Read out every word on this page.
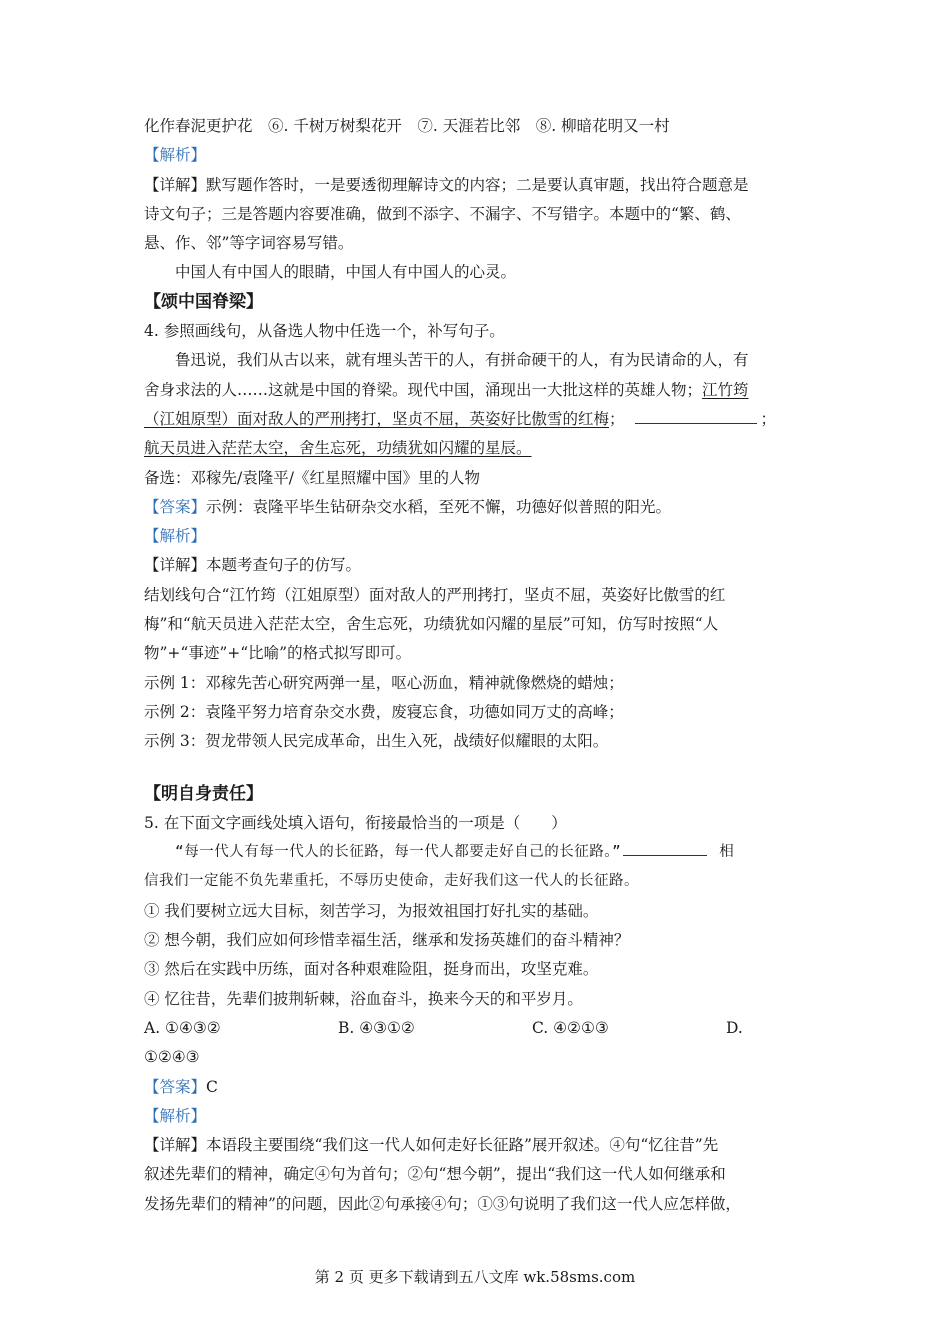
化作春泥更护花　⑥. 千树万树梨花开　⑦. 天涯若比邻　⑧. 柳暗花明又一村
【解析】
【详解】默写题作答时，一是要透彻理解诗文的内容；二是要认真审题，找出符合题意是
诗文句子；三是答题内容要准确，做到不添字、不漏字、不写错字。本题中的“繁、鹤、
悬、作、邻”等字词容易写错。
中国人有中国人的眼睛，中国人有中国人的心灵。
【颂中国脊梁】
4. 参照画线句，从备选人物中任选一个，补写句子。
鲁迅说，我们从古以来，就有埋头苦干的人，有拼命硬干的人，有为民请命的人，有
舍身求法的人……这就是中国的脊梁。现代中国，涌现出一大批这样的英雄人物；江竹筠
（江姐原型）面对敌人的严刑拷打，坚贞不屈，英姿好比傲雪的红梅；	；
航天员进入茫茫太空，舍生忘死，功绩犹如闪耀的星辰。
备选：邓稼先/袁隆平/《红星照耀中国》里的人物
【答案】示例：袁隆平毕生钻研杂交水稻，至死不懈，功德好似普照的阳光。
【解析】
【详解】本题考查句子的仿写。
结划线句合“江竹筠（江姐原型）面对敌人的严刑拷打，坚贞不屈，英姿好比傲雪的红
梅”和“航天员进入茫茫太空，舍生忘死，功绩犹如闪耀的星辰”可知，仿写时按照“人
物”+“事迹”+“比喻”的格式拟写即可。
示例 1：邓稼先苦心研究两弹一星，呕心沥血，精神就像燃烧的蜡烛；
示例 2：袁隆平努力培育杂交水费，废寝忘食，功德如同万丈的高峰；
示例 3：贺龙带领人民完成革命，出生入死，战绩好似耀眼的太阳。
【明自身责任】
5. 在下面文字画线处填入语句，衔接最恰当的一项是（　　）
“每一代人有每一代人的长征路，每一代人都要走好自己的长征路。”	相
信我们一定能不负先辈重托，不辱历史使命，走好我们这一代人的长征路。
① 我们要树立远大目标，刻苦学习，为报效祖国打好扎实的基础。
② 想今朝，我们应如何珍惜幸福生活，继承和发扬英雄们的奋斗精神？
③ 然后在实践中历练，面对各种艰难险阻，挺身而出，攻坚克难。
④ 忆往昔，先辈们披荆斩棘，浴血奋斗，换来今天的和平岁月。
A. ①④③②	B. ④③①②	C. ④②①③	D.
①②④③
【答案】C
【解析】
【详解】本语段主要围绕“我们这一代人如何走好长征路”展开叙述。④句“忆往昔”先
叙述先辈们的精神，确定④句为首句；②句“想今朝”，提出“我们这一代人如何继承和
发扬先辈们的精神”的问题，因此②句承接④句；①③句说明了我们这一代人应怎样做，
第 2 页 更多下载请到五八文库 wk.58sms.com
